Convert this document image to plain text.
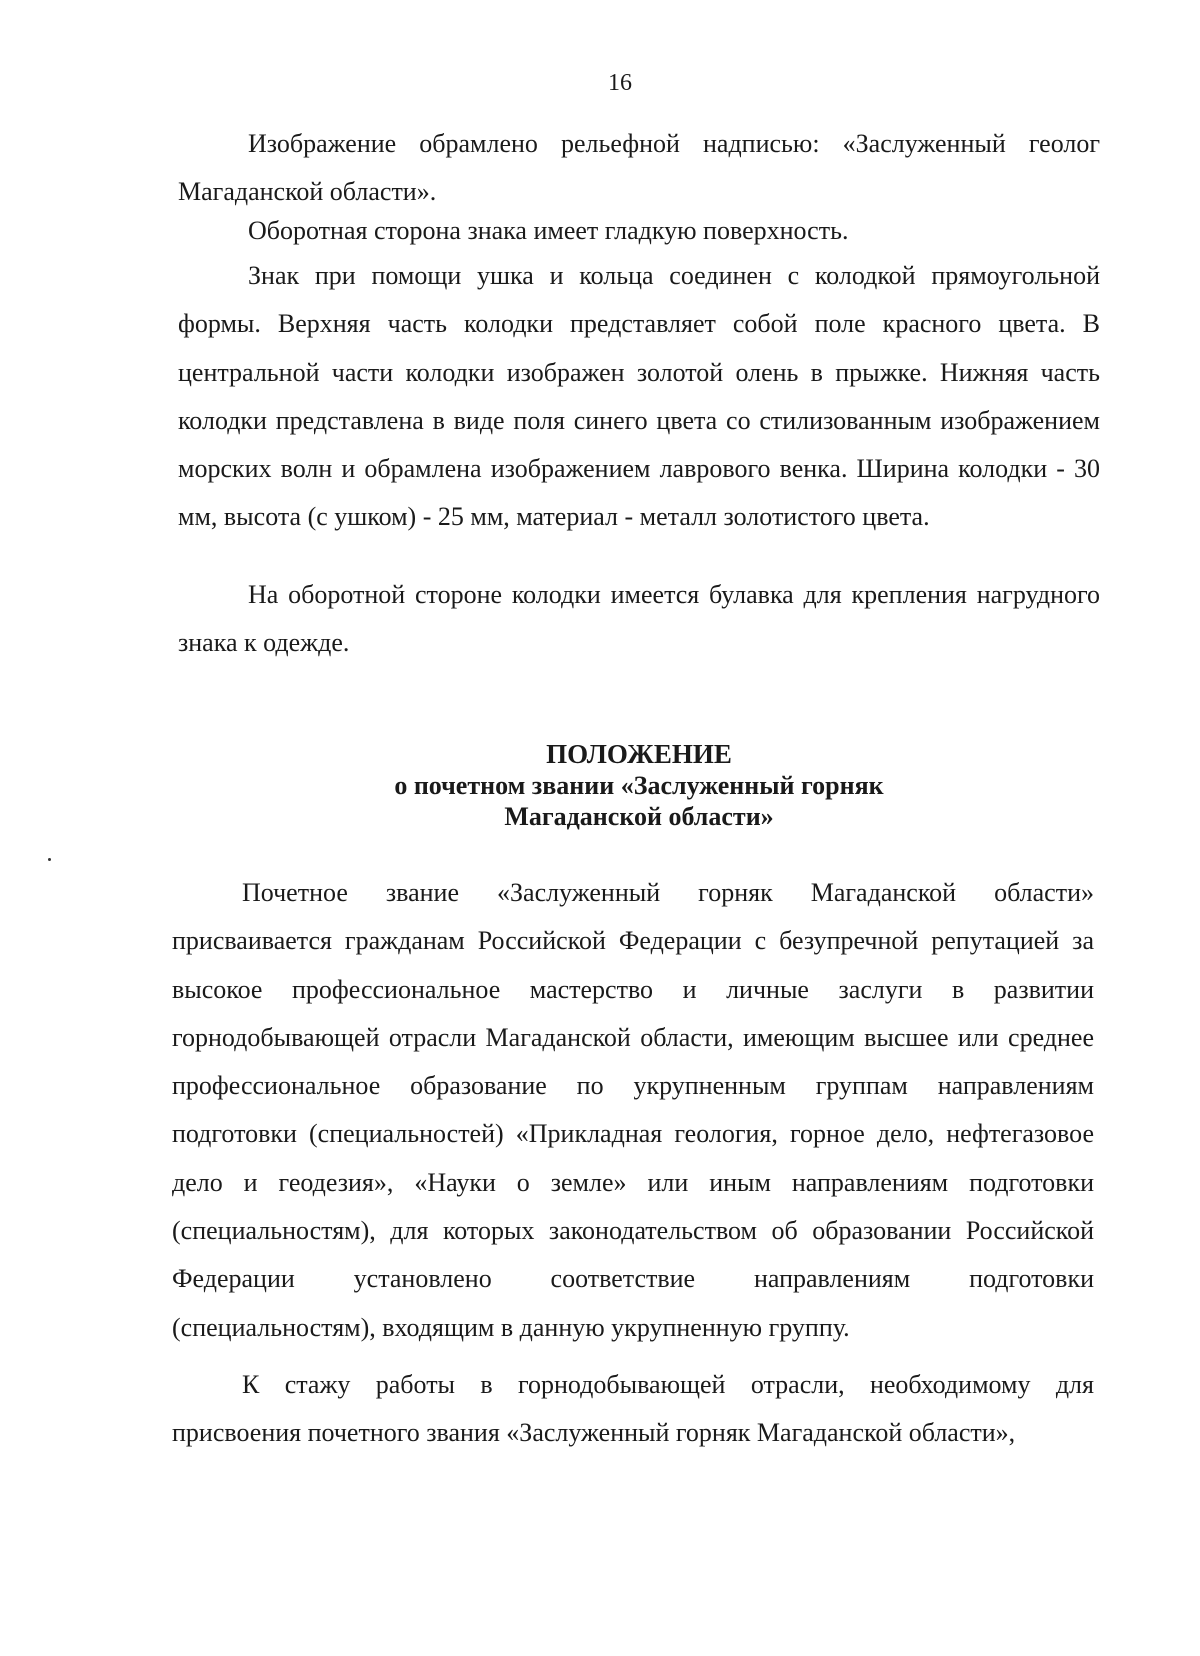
16

Изображение обрамлено рельефной надписью: «Заслуженный геолог Магаданской области».

Оборотная сторона знака имеет гладкую поверхность.

Знак при помощи ушка и кольца соединен с колодкой прямоугольной формы. Верхняя часть колодки представляет собой поле красного цвета. В центральной части колодки изображен золотой олень в прыжке. Нижняя часть колодки представлена в виде поля синего цвета со стилизованным изображением морских волн и обрамлена изображением лаврового венка. Ширина колодки - 30 мм, высота (с ушком) - 25 мм, материал - металл золотистого цвета.

На оборотной стороне колодки имеется булавка для крепления нагрудного знака к одежде.

ПОЛОЖЕНИЕ
о почетном звании «Заслуженный горняк
Магаданской области»

Почетное звание «Заслуженный горняк Магаданской области» присваивается гражданам Российской Федерации с безупречной репутацией за высокое профессиональное мастерство и личные заслуги в развитии горнодобывающей отрасли Магаданской области, имеющим высшее или среднее профессиональное образование по укрупненным группам направлениям подготовки (специальностей) «Прикладная геология, горное дело, нефтегазовое дело и геодезия», «Науки о земле» или иным направлениям подготовки (специальностям), для которых законодательством об образовании Российской Федерации установлено соответствие направлениям подготовки (специальностям), входящим в данную укрупненную группу.

К стажу работы в горнодобывающей отрасли, необходимому для присвоения почетного звания «Заслуженный горняк Магаданской области»,
